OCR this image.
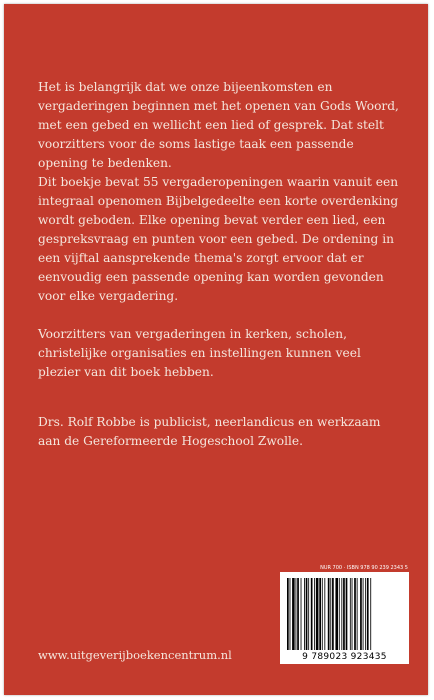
Het is belangrijk dat we onze bijeenkomsten en vergaderingen beginnen met het openen van Gods Woord, met een gebed en wellicht een lied of gesprek. Dat stelt voorzitters voor de soms lastige taak een passende opening te bedenken.

Dit boekje bevat 55 vergaderopeningen waarin vanuit een integraal openomen Bijbelgedeelte een korte overdenking wordt geboden. Elke opening bevat verder een lied, een gespreksvraag en punten voor een gebed. De ordening in een vijftal aansprekende thema's zorgt ervoor dat er eenvoudig een passende opening kan worden gevonden voor elke vergadering.

Voorzitters van vergaderingen in kerken, scholen, christelijke organisaties en instellingen kunnen veel plezier van dit boek hebben.

Drs. Rolf Robbe is publicist, neerlandicus en werkzaam aan de Gereformeerde Hogeschool Zwolle.

NUR 700 · ISBN 978 90 239 2343 5
9 789023 923435
www.uitgeverijboekencentrum.nl
